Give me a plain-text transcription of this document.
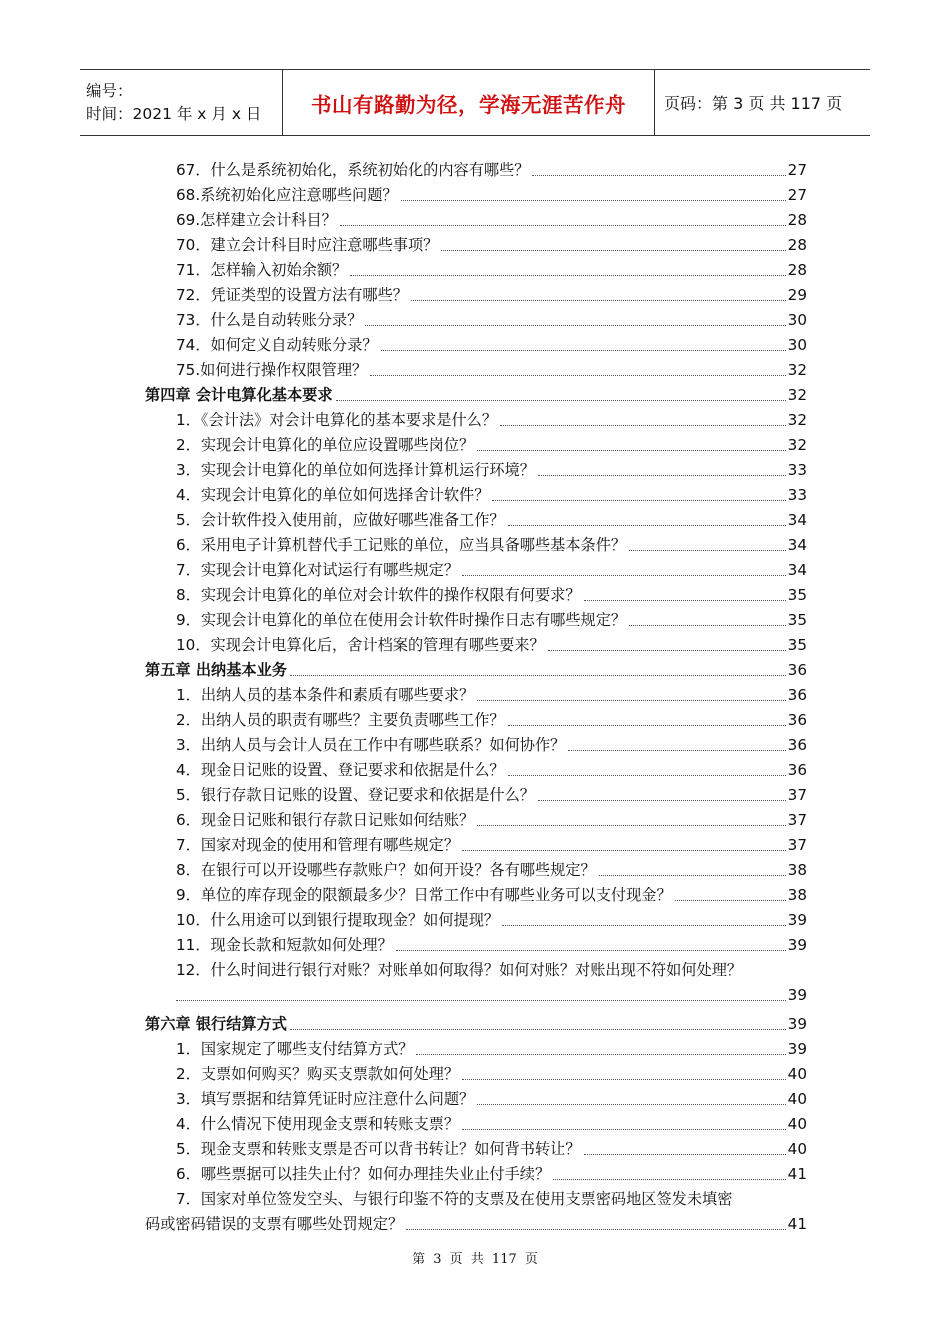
编号：
时间：2021 年 x 月 x 日	书山有路勤为径，学海无涯苦作舟 页码：第 3 页 共 117 页
67．什么是系统初始化，系统初始化的内容有哪些？	27
68.系统初始化应注意哪些问题？	27
69.怎样建立会计科目？	28
70．建立会计科目时应注意哪些事项？	28
71．怎样输入初始余额？	28
72．凭证类型的设置方法有哪些？	29
73．什么是自动转账分录？	30
74．如何定义自动转账分录？	30
75.如何进行操作权限管理？	32
第四章 会计电算化基本要求	32
1．《会计法》对会计电算化的基本要求是什么？	32
2．实现会计电算化的单位应设置哪些岗位？	32
3．实现会计电算化的单位如何选择计算机运行环境？	33
4．实现会计电算化的单位如何选择舍计软件？	33
5．会计软件投入使用前，应做好哪些准备工作？	34
6．采用电子计算机替代手工记账的单位，应当具备哪些基本条件？	34
7．实现会计电算化对试运行有哪些规定？	34
8．实现会计电算化的单位对会计软件的操作权限有何要求？	35
9．实现会计电算化的单位在使用会计软件时操作日志有哪些规定？	35
10．实现会计电算化后，舍计档案的管理有哪些要来？	35
第五章 出纳基本业务	36
1．出纳人员的基本条件和素质有哪些要求？	36
2．出纳人员的职责有哪些？主要负责哪些工作？	36
3．出纳人员与会计人员在工作中有哪些联系？如何协作？	36
4．现金日记账的设置、登记要求和依据是什么？	36
5．银行存款日记账的设置、登记要求和依据是什么？	37
6．现金日记账和银行存款日记账如何结账？	37
7．国家对现金的使用和管理有哪些规定？	37
8．在银行可以开设哪些存款账户？如何开设？各有哪些规定？	38
9．单位的库存现金的限额最多少？日常工作中有哪些业务可以支付现金？	38
10．什么用途可以到银行提取现金？如何提现？	39
11．现金长款和短款如何处理？	39
12．什么时间进行银行对账？对账单如何取得？如何对账？对账出现不符如何处理？
39
第六章 银行结算方式	39
1．国家规定了哪些支付结算方式？	39
2．支票如何购买？购买支票款如何处理？	40
3．填写票据和结算凭证时应注意什么问题？	40
4．什么情况下使用现金支票和转账支票？	40
5．现金支票和转账支票是否可以背书转让？如何背书转让？	40
6．哪些票据可以挂失止付？如何办理挂失业止付手续？	41
7．国家对单位签发空头、与银行印鉴不符的支票及在使用支票密码地区签发未填密
码或密码错误的支票有哪些处罚规定？	41
第 3 页 共 117 页
